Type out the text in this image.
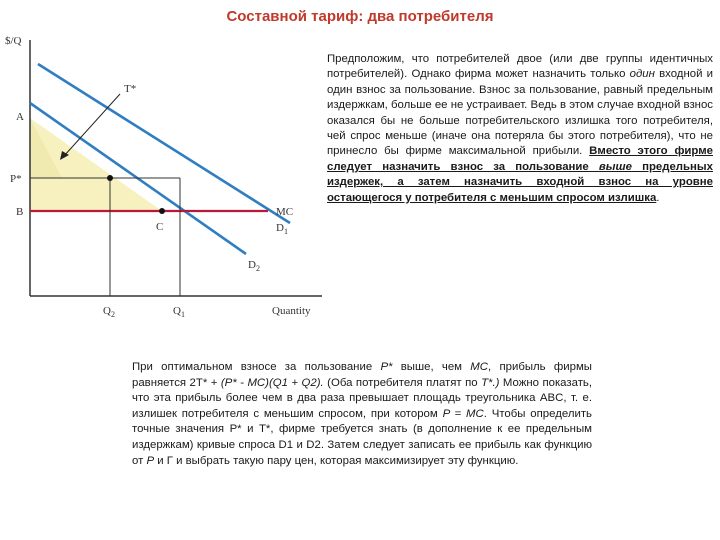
Составной тариф: два потребителя
$/Q
A
P*
B
C
T*
MC
$D_1$
$D_2$
$Q_2$	$Q_1$	Quantity
Предположим, что потребителей двое (или две группы идентичных потребителей). Однако фирма может назначить только один входной и один взнос за пользование. Взнос за пользование, равный предельным издержкам, больше ее не устраивает. Ведь в этом случае входной взнос оказался бы не больше потребительского излишка того потребителя, чей спрос меньше (иначе она потеряла бы этого потребителя), что не принесло бы фирме максимальной прибыли. Вместо этого фирме следует назначить взнос за пользование выше предельных издержек, а затем назначить входной взнос на уровне остающегося у потребителя с меньшим спросом излишка.
При оптимальном взносе за пользование P* выше, чем MC, прибыль фирмы равняется 2T* + (P* - MC)(Q1 + Q2). (Оба потребителя платят по T*.) Можно показать, что эта прибыль более чем в два раза превышает площадь треугольника ABC, т. е. излишек потребителя с меньшим спросом, при котором P = MC. Чтобы определить точные значения P* и T*, фирме требуется знать (в дополнение к ее предельным издержкам) кривые спроса D1 и D2. Затем следует записать ее прибыль как функцию от P и Г и выбрать такую пару цен, которая максимизирует эту функцию.
